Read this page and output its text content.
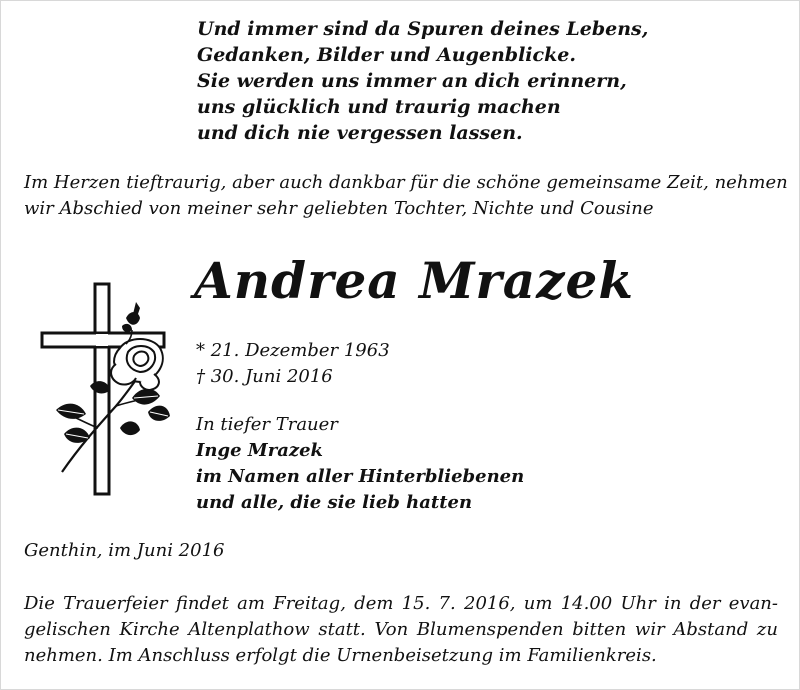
Und immer sind da Spuren deines Lebens,
Gedanken, Bilder und Augenblicke.
Sie werden uns immer an dich erinnern,
uns glücklich und traurig machen
und dich nie vergessen lassen.
Im Herzen tieftraurig, aber auch dankbar für die schöne gemeinsame Zeit, nehmen
wir Abschied von meiner sehr geliebten Tochter, Nichte und Cousine
Andrea Mrazek
* 21. Dezember 1963
† 30. Juni 2016
In tiefer Trauer
Inge Mrazek
im Namen aller Hinterbliebenen
und alle, die sie lieb hatten
Genthin, im Juni 2016
Die Trauerfeier findet am Freitag, dem 15. 7. 2016, um 14.00 Uhr in der evan-
gelischen Kirche Altenplathow statt. Von Blumenspenden bitten wir Abstand zu
nehmen. Im Anschluss erfolgt die Urnenbeisetzung im Familienkreis.
